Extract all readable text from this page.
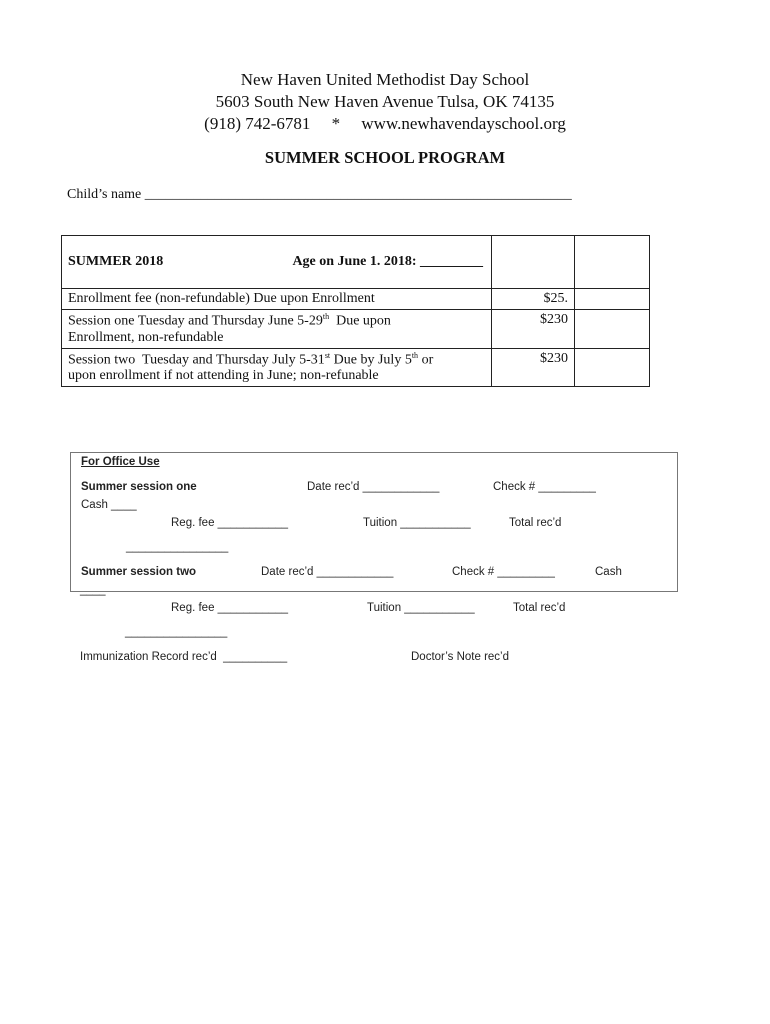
New Haven United Methodist Day School
5603 South New Haven Avenue Tulsa, OK 74135
(918) 742-6781     *     www.newhavendayschool.org
SUMMER SCHOOL PROGRAM
Child’s name _____________________________________________________________
SUMMER 2018 Age on June 1. 2018: _________		

Enrollment fee (non-refundable) Due upon Enrollment	$25.	
Session one Tuesday and Thursday June 5-29th  Due upon
Enrollment, non-refundable	$230	
Session two  Tuesday and Thursday July 5-31st Due by July 5th or
upon enrollment if not attending in June; non-refunable	$230	
For Office Use
Summer session one	Date rec’d ____________	Check # _________
Cash ____
Reg. fee ___________	Tuition ___________	Total rec’d
________________
Summer session two	Date rec’d ____________	Check # _________	Cash
____
Reg. fee ___________	Tuition ___________	Total rec’d
________________
Immunization Record rec’d  __________	Doctor’s Note rec’d
